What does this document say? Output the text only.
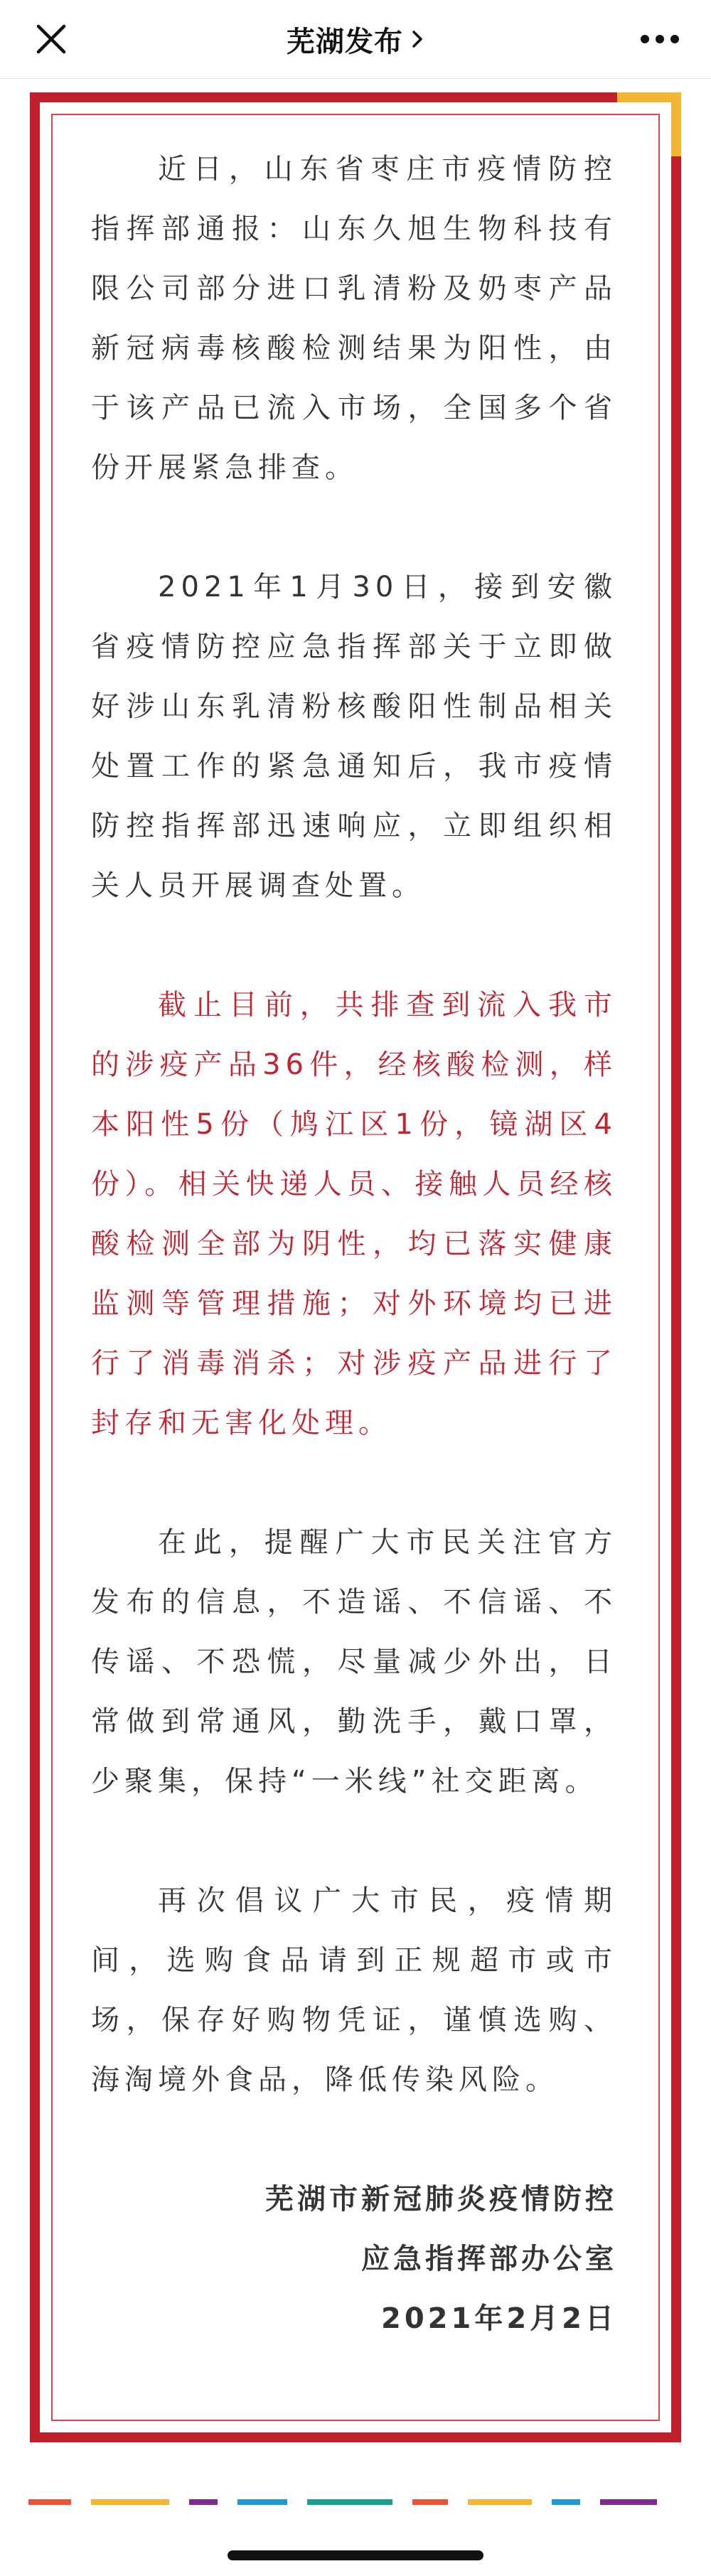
芜湖发布

近日，山东省枣庄市疫情防控指挥部通报：山东久旭生物科技有限公司部分进口乳清粉及奶枣产品新冠病毒核酸检测结果为阳性，由于该产品已流入市场，全国多个省份开展紧急排查。

2021年1月30日，接到安徽省疫情防控应急指挥部关于立即做好涉山东乳清粉核酸阳性制品相关处置工作的紧急通知后，我市疫情防控指挥部迅速响应，立即组织相关人员开展调查处置。

截止目前，共排查到流入我市的涉疫产品36件，经核酸检测，样本阳性5份（鸠江区1份，镜湖区4份）。相关快递人员、接触人员经核酸检测全部为阴性，均已落实健康监测等管理措施；对外环境均已进行了消毒消杀；对涉疫产品进行了封存和无害化处理。

在此，提醒广大市民关注官方发布的信息，不造谣、不信谣、不传谣、不恐慌，尽量减少外出，日常做到常通风，勤洗手，戴口罩，少聚集，保持“一米线”社交距离。

再次倡议广大市民，疫情期间，选购食品请到正规超市或市场，保存好购物凭证，谨慎选购、海淘境外食品，降低传染风险。

芜湖市新冠肺炎疫情防控
应急指挥部办公室
2021年2月2日
